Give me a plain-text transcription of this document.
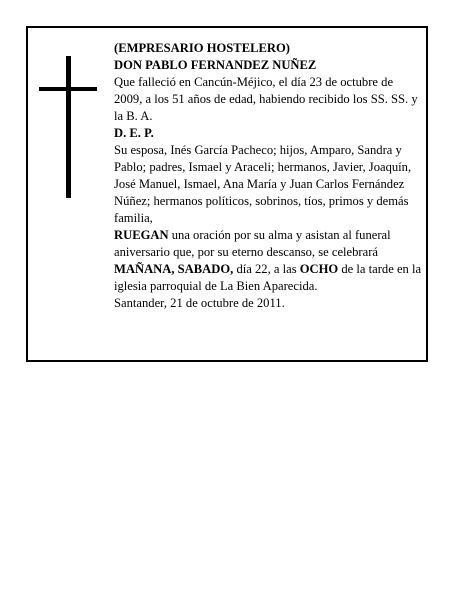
(EMPRESARIO HOSTELERO)

DON PABLO FERNANDEZ NUÑEZ

Que falleció en Cancún-Méjico, el día 23 de octubre de 2009, a los 51 años de edad, habiendo recibido los SS. SS. y la B. A.

D. E. P.

Su esposa, Inés García Pacheco; hijos, Amparo, Sandra y Pablo; padres, Ismael y Araceli; hermanos, Javier, Joaquín, José Manuel, Ismael, Ana María y Juan Carlos Fernández Núñez; hermanos políticos, sobrinos, tíos, primos y demás familia,

RUEGAN una oración por su alma y asistan al funeral aniversario que, por su eterno descanso, se celebrará MAÑANA, SABADO, día 22, a las OCHO de la tarde en la iglesia parroquial de La Bien Aparecida.

Santander, 21 de octubre de 2011.
